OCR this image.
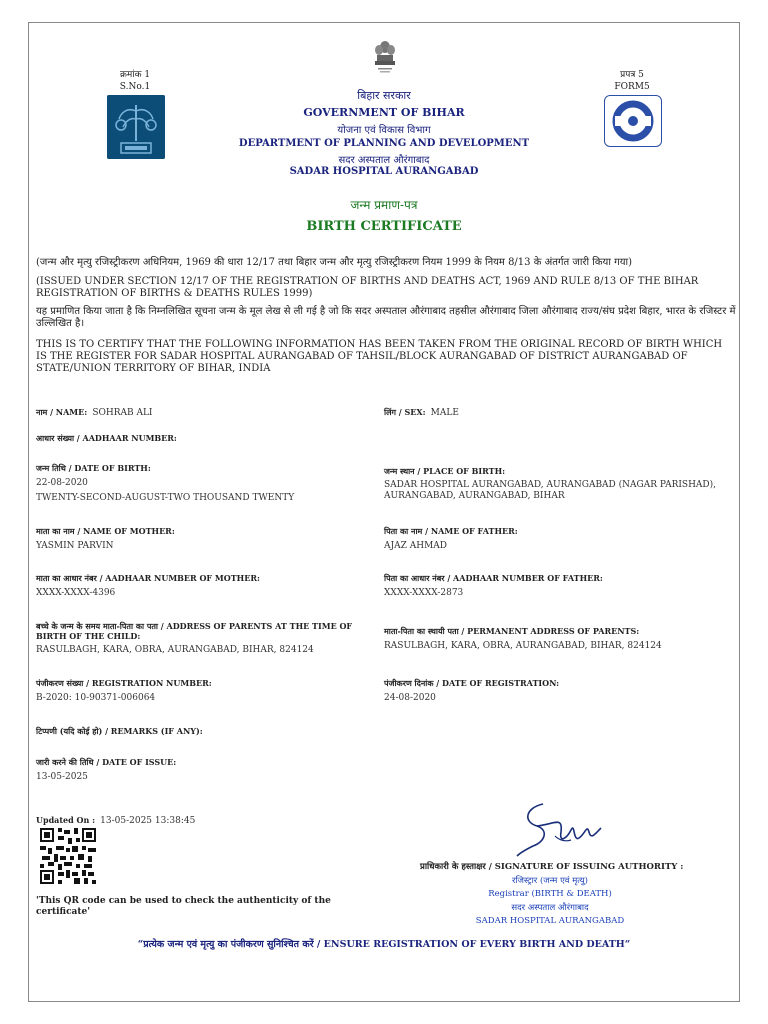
क्रमांक 1
S.No.1
प्रपत्र 5
FORM5
बिहार सरकार
GOVERNMENT OF BIHAR
योजना एवं विकास विभाग
DEPARTMENT OF PLANNING AND DEVELOPMENT
सदर अस्पताल औरंगाबाद
SADAR HOSPITAL AURANGABAD
जन्म प्रमाण-पत्र
BIRTH CERTIFICATE
(जन्म और मृत्यु रजिस्ट्रीकरण अधिनियम, 1969 की धारा 12/17 तथा बिहार जन्म और मृत्यु रजिस्ट्रीकरण नियम 1999 के नियम 8/13 के अंतर्गत जारी किया गया)
(ISSUED UNDER SECTION 12/17 OF THE REGISTRATION OF BIRTHS AND DEATHS ACT, 1969 AND RULE 8/13 OF THE BIHAR REGISTRATION OF BIRTHS & DEATHS RULES 1999)
यह प्रमाणित किया जाता है कि निम्नलिखित सूचना जन्म के मूल लेख से ली गई है जो कि सदर अस्पताल औरंगाबाद तहसील औरंगाबाद जिला औरंगाबाद राज्य/संघ प्रदेश बिहार, भारत के रजिस्टर में उल्लिखित है।
THIS IS TO CERTIFY THAT THE FOLLOWING INFORMATION HAS BEEN TAKEN FROM THE ORIGINAL RECORD OF BIRTH WHICH IS THE REGISTER FOR SADAR HOSPITAL AURANGABAD OF TAHSIL/BLOCK AURANGABAD OF DISTRICT AURANGABAD OF STATE/UNION TERRITORY OF BIHAR, INDIA
नाम / NAME: SOHRAB ALI	लिंग / SEX: MALE
आधार संख्या / AADHAAR NUMBER:
जन्म तिथि / DATE OF BIRTH:
22-08-2020
TWENTY-SECOND-AUGUST-TWO THOUSAND TWENTY
जन्म स्थान / PLACE OF BIRTH:
SADAR HOSPITAL AURANGABAD, AURANGABAD (NAGAR PARISHAD), AURANGABAD, AURANGABAD, BIHAR
माता का नाम / NAME OF MOTHER:
YASMIN PARVIN
पिता का नाम / NAME OF FATHER:
AJAZ AHMAD
माता का आधार नंबर / AADHAAR NUMBER OF MOTHER:
XXXX-XXXX-4396
पिता का आधार नंबर / AADHAAR NUMBER OF FATHER:
XXXX-XXXX-2873
बच्चे के जन्म के समय माता-पिता का पता / ADDRESS OF PARENTS AT THE TIME OF BIRTH OF THE CHILD:
RASULBAGH, KARA, OBRA, AURANGABAD, BIHAR, 824124
माता-पिता का स्थायी पता / PERMANENT ADDRESS OF PARENTS:
RASULBAGH, KARA, OBRA, AURANGABAD, BIHAR, 824124
पंजीकरण संख्या / REGISTRATION NUMBER:
B-2020: 10-90371-006064
पंजीकरण दिनांक / DATE OF REGISTRATION:
24-08-2020
टिप्पणी (यदि कोई हो) / REMARKS (IF ANY):
जारी करने की तिथि / DATE OF ISSUE:
13-05-2025
Updated On : 13-05-2025 13:38:45
'This QR code can be used to check the authenticity of the certificate'
प्राधिकारी के हस्ताक्षर / SIGNATURE OF ISSUING AUTHORITY :
रजिस्ट्रार (जन्म एवं मृत्यु)
Registrar (BIRTH & DEATH)
सदर अस्पताल औरंगाबाद
SADAR HOSPITAL AURANGABAD
“प्रत्येक जन्म एवं मृत्यु का पंजीकरण सुनिश्चित करें / ENSURE REGISTRATION OF EVERY BIRTH AND DEATH“
